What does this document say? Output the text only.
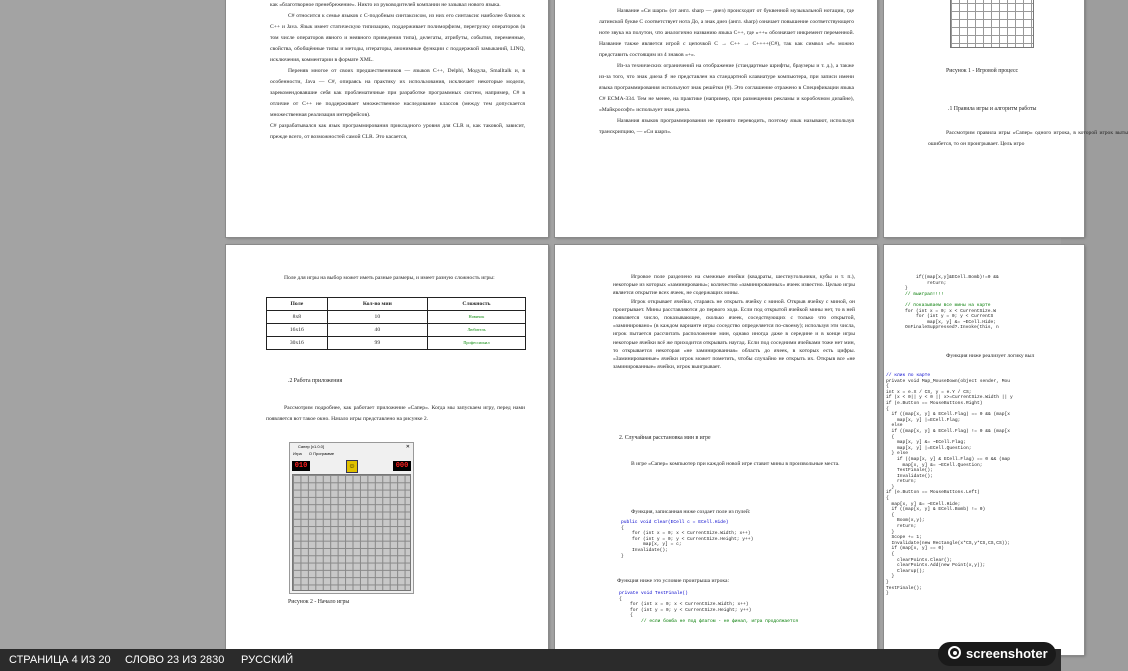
как «благотворное пренебрежение». Никто из руководителей компании не зазывал нового языка.

C# относится к семье языков с C-подобным синтаксисом, из них его синтаксис наиболее близок к C++ и Java. Язык имеет статическую типизацию, поддерживает полиморфизм, перегрузку операторов (в том числе операторов явного и неявного приведения типа), делегаты, атрибуты, события, переменные, свойства, обобщённые типы и методы, итераторы, анонимные функции с поддержкой замыканий, LINQ, исключения, комментарии в формате XML.

Переняв многое от своих предшественников — языков C++, Delphi, Модула, Smalltalk и, в особенности, Java — C#, опираясь на практику их использования, исключает некоторые модели, зарекомендовавшие себя как проблематичные при разработке программных систем, например, C# в отличие от C++ не поддерживает множественное наследование классов (между тем допускается множественная реализация интерфейсов).

C# разрабатывался как язык программирования прикладного уровня для CLR и, как таковой, зависит, прежде всего, от возможностей самой CLR. Это касается,

Название «Си шарп» (от англ. sharp — диез) происходит от буквенной музыкальной нотации, где латинской букве C соответствует нота До, а знак диез (англ. sharp) означает повышение соответствующего ноте звука на полутон, что аналогично названию языка C++, где «++» обозначает инкремент переменной. Название также является игрой с цепочкой C → C++ → C++++(C#), так как символ «#» можно представить состоящим из 4 знаков «+».

Из-за технических ограничений на отображение (стандартные шрифты, браузеры и т. д.), а также из-за того, что знак диеза ♯ не представлен на стандартной клавиатуре компьютера, при записи имени языка программирования используют знак решётки (#). Это соглашение отражено в Спецификации языка C# ECMA-334. Тем не менее, на практике (например, при размещении рекламы и коробочном дизайне), «Майкрософт» использует знак диеза.

Названия языков программирования не принято переводить, поэтому язык называют, используя транскрипцию, — «Си шарп».

Рисунок 1 - Игровой процесс
.1 Правила игры и алгоритм работы

Рассмотрим правила игры «Сапер» одного игрока, в которой игрок выты ошибется, то он проигрывает. Цель игро

Поле для игры на выбор может иметь разные размеры, и имеет разную сложность игры:

Поле	Кол-во мин	Сложность
8x8	10	Новичок
16x16	40	Любитель
30x16	99	Профессионал
.2 Работа приложения

Рассмотрим подробнее, как работает приложение «Сапер». Когда мы запускаем игру, перед нами появляется вот такое окно. Начало игры представлено на рисунке 2.

Рисунок 2 - Начало игры
Сапер [v1.0.0]	✕
Игра О Программе
010	☺	000

Игровое поле разделено на смежные ячейки (квадраты, шестиугольники, кубы и т. п.), некоторые из которых «заминированы»; количество «заминированных» ячеек известно. Целью игры является открытие всех ячеек, не содержащих мины.

Игрок открывает ячейки, стараясь не открыть ячейку с миной. Открыв ячейку с миной, он проигрывает. Мины расставляются до первого хода. Если под открытой ячейкой мины нет, то в ней появляется число, показывающее, сколько ячеек, соседствующих с только что открытой, «заминировано» (в каждом варианте игры соседство определяется по-своему); используя эти числа, игрок пытается рассчитать расположение мин, однако иногда даже в середине и в конце игры некоторые ячейки всё же приходится открывать наугад. Если под соседними ячейками тоже нет мин, то открывается некоторая «не заминированная» область до ячеек, в которых есть цифры. «Заминированные» ячейки игрок может пометить, чтобы случайно не открыть их. Открыв все «не заминированные» ячейки, игрок выигрывает.

2. Случайная расстановка мин в игре

В игре «Сапер» компьютер при каждой новой игре ставит мины в произвольные места.

Функция, записанная ниже создает поле из пулей:

public void Clear(ECell c = ECell.Hide)
{
for (int x = 0; x < CurrentSize.Width; x++)
for (int y = 0; y < CurrentSize.Height; y++)
map[x, y] = c;
Invalidate();
}

Функция ниже это условие проигрыша игрока:

private void TestFinale()
{
for (int x = 0; x < CurrentSize.Width; x++)
for (int y = 0; y < CurrentSize.Height; y++)
{
// если бомба не под флагом - не финал, игра продолжается
if((map[x,y]&ECell.Bomb)!=0 &&
return;
}
// выиграл!!!!

// показываем все мины на карте
for (int x = 0; x < CurrentSize.W
for (int y = 0; y < CurrentS
map[x, y] &= ~ECell.Hide;
OnFinaleSuppressed?.Invoke(this, n

Функция ниже реализует логику выл

// клик по карте
private void Map_MouseDown(object sender, Mou
{
int x = e.X / CS, y = e.Y / CS;
if (x < 0|| y < 0 || x>=CurrentSize.Width || y
if (e.Button == MouseButtons.Right)
{
if ((map[x, y] & ECell.Flag) == 0 && (map[x
map[x, y] |=ECell.Flag;
else
if ((map[x, y] & ECell.Flag) != 0 && (map[x
{
map[x, y] &= ~ECell.Flag;
map[x, y] |=ECell.Question;
} else
if ((map[x, y] & ECell.Flag) == 0 && (map
map[x, y] &= ~ECell.Question;
TestFinale();
Invalidate();
return;
}
if (e.Button == MouseButtons.Left)
{
map[x, y] &= ~ECell.Hide;
if ((map[x, y] & ECell.Bomb) != 0)
{
Boom(x,y);
return;
}
Scope += 1;
Invalidate(new Rectangle(x*CS,y*CS,CS,CS));
if (map[x, y] == 0)
{
clearPoints.Clear();
clearPoints.Add(new Point(x,y));
Clearup();
}
}
TestFinale();
}
СТРАНИЦА 4 ИЗ 20 СЛОВО 23 ИЗ 2830 РУССКИЙ	screenshoter
